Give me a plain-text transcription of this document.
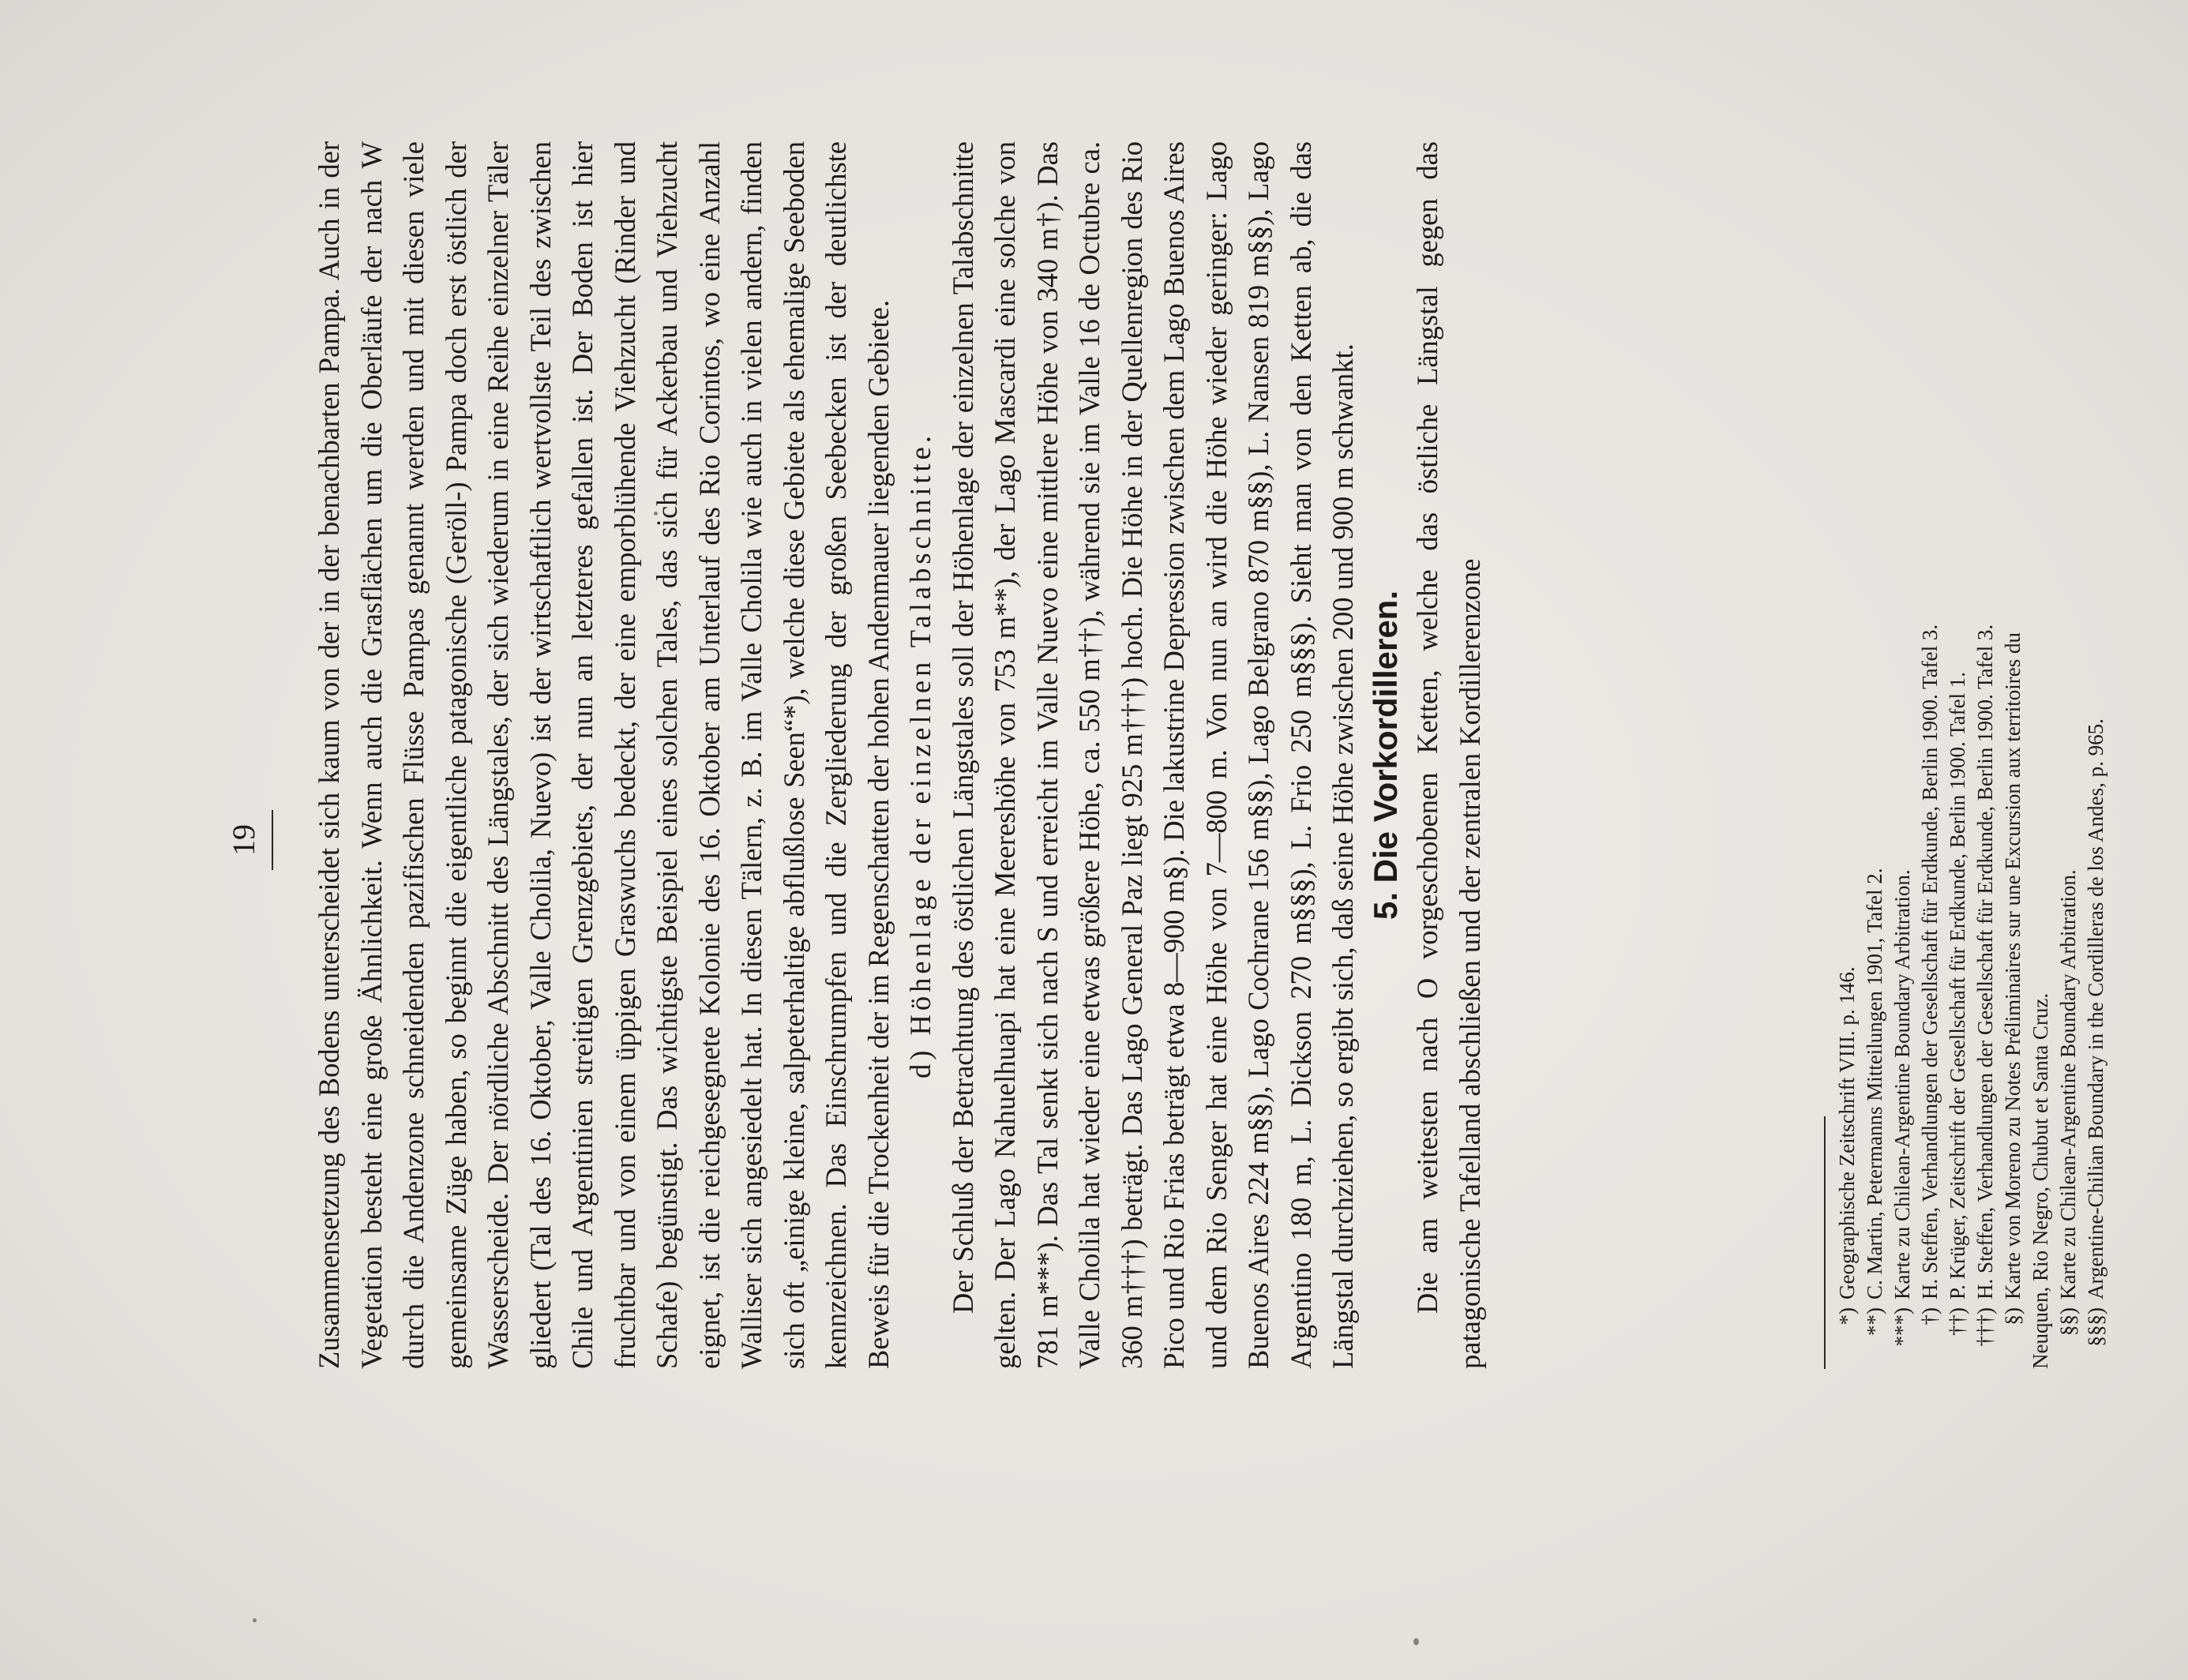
19	Zusammensetzung des Bodens unterscheidet sich kaum von der in der benachbarten Pampa. Auch in der Vegetation besteht eine große Ähnlichkeit. Wenn auch die Grasflächen um die Oberläufe der nach W durch die Andenzone schneidenden pazifischen Flüsse Pampas genannt werden und mit diesen viele gemeinsame Züge haben, so beginnt die eigentliche patagonische (Geröll-) Pampa doch erst östlich der Wasserscheide. Der nördliche Abschnitt des Längstales, der sich wiederum in eine Reihe einzelner Täler gliedert (Tal des 16. Oktober, Valle Cholila, Nuevo) ist der wirtschaftlich wertvollste Teil des zwischen Chile und Argentinien streitigen Grenzgebiets, der nun an letzteres gefallen ist. Der Boden ist hier fruchtbar und von einem üppigen Graswuchs bedeckt, der eine emporblühende Viehzucht (Rinder und Schafe) begünstigt. Das wichtigste Beispiel eines solchen Tales, das sich für Ackerbau und Viehzucht eignet, ist die reichgesegnete Kolonie des 16. Oktober am Unterlauf des Rio Corintos, wo eine Anzahl Walliser sich angesiedelt hat. In diesen Tälern, z. B. im Valle Cholila wie auch in vielen andern, finden sich oft „einige kleine, salpeterhaltige abflußlose Seen“*), welche diese Gebiete als ehemalige Seeboden kennzeichnen. Das Einschrumpfen und die Zergliederung der großen Seebecken ist der deutlichste Beweis für die Trockenheit der im Regenschatten der hohen Andenmauer liegenden Gebiete. d) Höhenlage der einzelnen Talabschnitte. Der Schluß der Betrachtung des östlichen Längstales soll der Höhenlage der einzelnen Talabschnitte gelten. Der Lago Nahuelhuapi hat eine Meereshöhe von 753 m**), der Lago Mascardi eine solche von 781 m***). Das Tal senkt sich nach S und erreicht im Valle Nuevo eine mittlere Höhe von 340 m†). Das Valle Cholila hat wieder eine etwas größere Höhe, ca. 550 m††), während sie im Valle 16 de Octubre ca. 360 m†††) beträgt. Das Lago General Paz liegt 925 m†††) hoch. Die Höhe in der Quellenregion des Rio Pico und Rio Frias beträgt etwa 8—900 m§). Die lakustrine Depression zwischen dem Lago Buenos Aires und dem Rio Senger hat eine Höhe von 7—800 m. Von nun an wird die Höhe wieder geringer: Lago Buenos Aires 224 m§§), Lago Cochrane 156 m§§), Lago Belgrano 870 m§§), L. Nansen 819 m§§), Lago Argentino 180 m, L. Dickson 270 m§§§), L. Frio 250 m§§§). Sieht man von den Ketten ab, die das Längstal durchziehen, so ergibt sich, daß seine Höhe zwischen 200 und 900 m schwankt. 5. Die Vorkordilleren. Die am weitesten nach O vorgeschobenen Ketten, welche das östliche Längstal gegen das patagonische Tafelland abschließen und der zentralen Kordillerenzone	*)Geographische Zeitschrift VIII. p. 146.

**)C. Martin, Petermanns Mitteilungen 1901, Tafel 2.

***)Karte zu Chilean-Argentine Boundary Arbitration.

†)H. Steffen, Verhandlungen der Gesellschaft für Erdkunde, Berlin 1900. Tafel 3.

††)P. Krüger, Zeitschrift der Gesellschaft für Erdkunde, Berlin 1900. Tafel 1.

†††)H. Steffen, Verhandlungen der Gesellschaft für Erdkunde, Berlin 1900. Tafel 3.

§)Karte von Moreno zu Notes Préliminaires sur une Excursion aux territoires du Neuquen, Rio Negro, Chubut et Santa Cruz. §§)Karte zu Chilean-Argentine Boundary Arbitration.

§§§)Argentine-Chilian Boundary in the Cordilleras de los Andes, p. 965.
